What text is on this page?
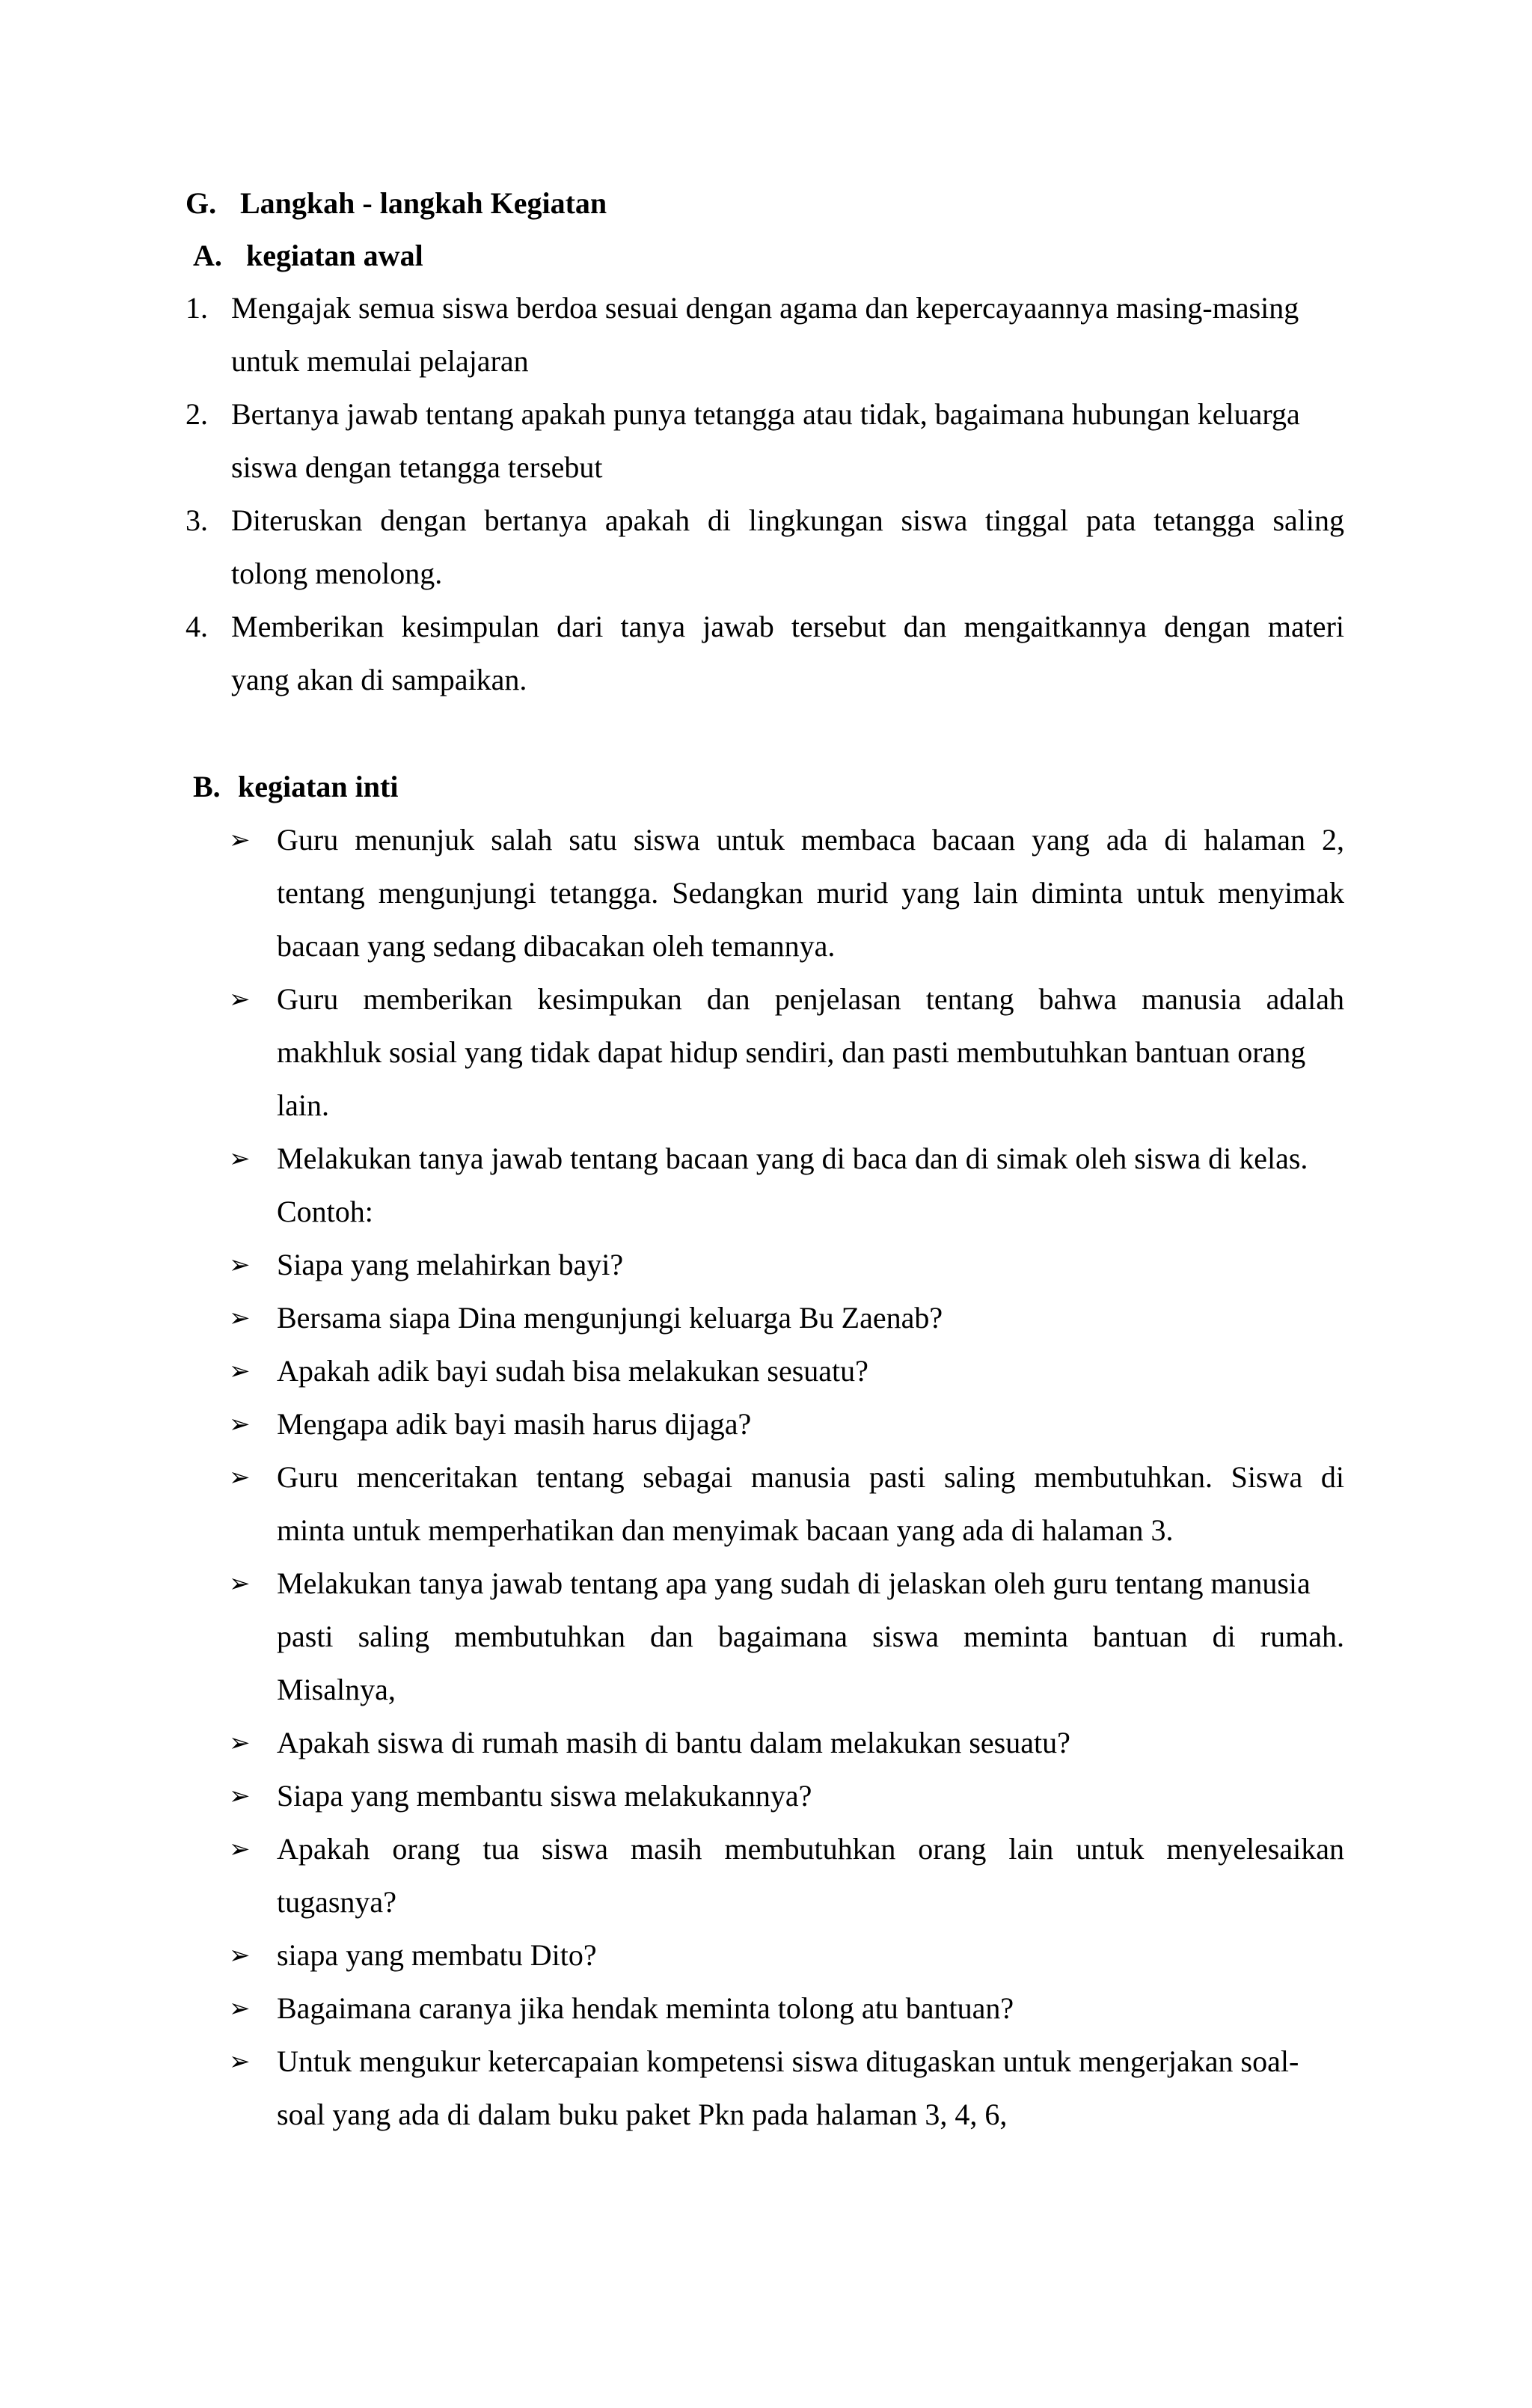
G. Langkah - langkah Kegiatan
A. kegiatan awal
1. Mengajak semua siswa berdoa sesuai dengan agama dan kepercayaannya masing-masing
untuk memulai pelajaran
2. Bertanya jawab tentang apakah punya tetangga atau tidak, bagaimana hubungan keluarga
siswa dengan tetangga tersebut
3. Diteruskan dengan bertanya apakah di lingkungan siswa tinggal pata tetangga saling
tolong menolong.
4. Memberikan kesimpulan dari tanya jawab tersebut dan mengaitkannya dengan materi
yang akan di sampaikan.
B. kegiatan inti
➢ Guru menunjuk salah satu siswa untuk membaca bacaan yang ada di halaman 2,
tentang mengunjungi tetangga. Sedangkan murid yang lain diminta untuk menyimak
bacaan yang sedang dibacakan oleh temannya.
➢ Guru memberikan kesimpukan dan penjelasan tentang bahwa manusia adalah
makhluk sosial yang tidak dapat hidup sendiri, dan pasti membutuhkan bantuan orang
lain.
➢ Melakukan tanya jawab tentang bacaan yang di baca dan di simak oleh siswa di kelas.
Contoh:
➢ Siapa yang melahirkan bayi?
➢ Bersama siapa Dina mengunjungi keluarga Bu Zaenab?
➢ Apakah adik bayi sudah bisa melakukan sesuatu?
➢ Mengapa adik bayi masih harus dijaga?
➢ Guru menceritakan tentang sebagai manusia pasti saling membutuhkan. Siswa di
minta untuk memperhatikan dan menyimak bacaan yang ada di halaman 3.
➢ Melakukan tanya jawab tentang apa yang sudah di jelaskan oleh guru tentang manusia
pasti saling membutuhkan dan bagaimana siswa meminta bantuan di rumah.
Misalnya,
➢ Apakah siswa di rumah masih di bantu dalam melakukan sesuatu?
➢ Siapa yang membantu siswa melakukannya?
➢ Apakah orang tua siswa masih membutuhkan orang lain untuk menyelesaikan
tugasnya?
➢ siapa yang membatu Dito?
➢ Bagaimana caranya jika hendak meminta tolong atu bantuan?
➢ Untuk mengukur ketercapaian kompetensi siswa ditugaskan untuk mengerjakan soal-
soal yang ada di dalam buku paket Pkn pada halaman 3, 4, 6,
